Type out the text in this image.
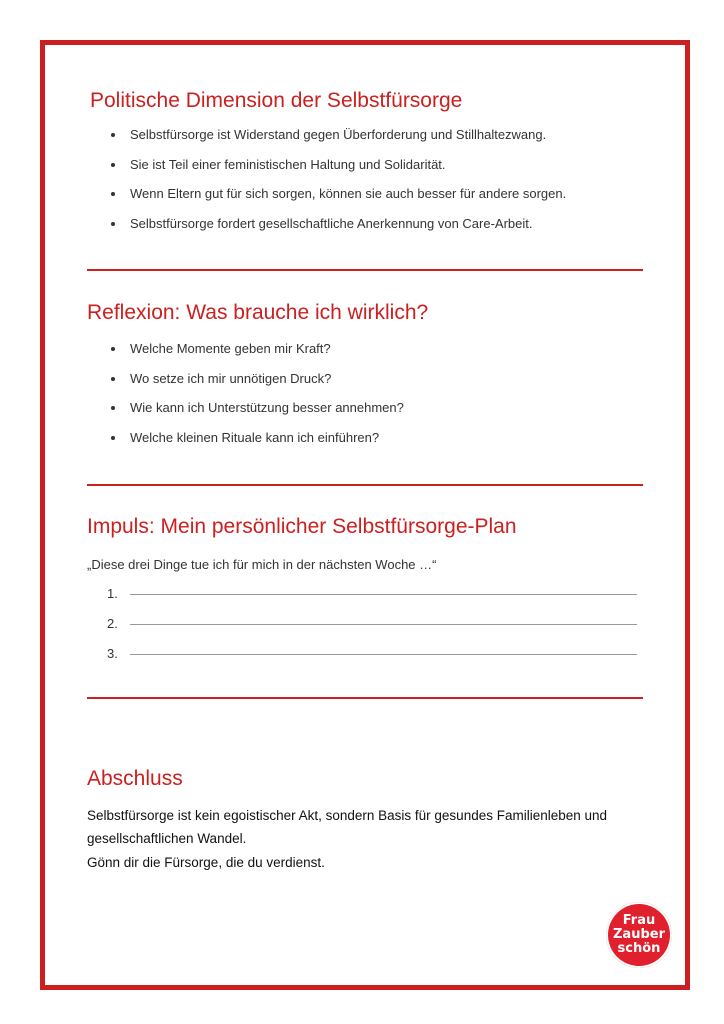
Politische Dimension der Selbstfürsorge
Selbstfürsorge ist Widerstand gegen Überforderung und Stillhaltezwang.
Sie ist Teil einer feministischen Haltung und Solidarität.
Wenn Eltern gut für sich sorgen, können sie auch besser für andere sorgen.
Selbstfürsorge fordert gesellschaftliche Anerkennung von Care-Arbeit.
Reflexion: Was brauche ich wirklich?
Welche Momente geben mir Kraft?
Wo setze ich mir unnötigen Druck?
Wie kann ich Unterstützung besser annehmen?
Welche kleinen Rituale kann ich einführen?
Impuls: Mein persönlicher Selbstfürsorge-Plan
„Diese drei Dinge tue ich für mich in der nächsten Woche …“
1.
2.
3.
Abschluss

Selbstfürsorge ist kein egoistischer Akt, sondern Basis für gesundes Familienleben und gesellschaftlichen Wandel.

Gönn dir die Fürsorge, die du verdienst.

Frau
Zauber
schön
